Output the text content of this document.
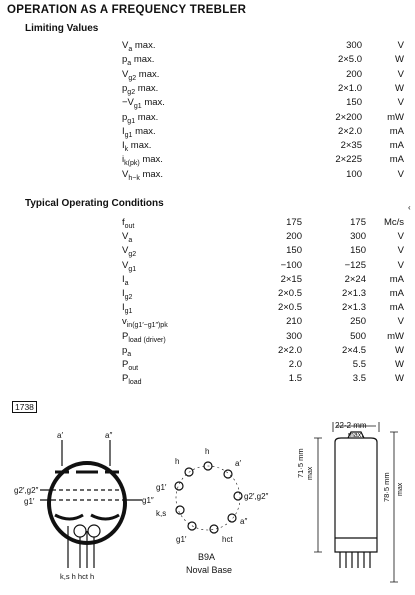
OPERATION AS A FREQUENCY TREBLER
Limiting Values
$V_a$ max.	300	V
$p_a$ max.	2×5.0	W
$V_{g2}$ max.	200	V
$p_{g2}$ max.	2×1.0	W
$-V_{g1}$ max.	150	V
$p_{g1}$ max.	2×200	mW
$I_{g1}$ max.	2×2.0	mA
$I_k$ max.	2×35	mA
$i_{k(pk)}$ max.	2×225	mA
$V_{h-k}$ max.	100	V
Typical Operating Conditions
$f_{out}$	175	175	Mc/s
$V_a$	200	300	V
$V_{g2}$	150	150	V
$V_{g1}$	−100	−125	V
$I_a$	2×15	2×24	mA
$I_{g2}$	2×0.5	2×1.3	mA
$I_{g1}$	2×0.5	2×1.3	mA
$v_{in(g1'-g1'')pk}$	210	250	V
$P_{load (driver)}$	300	500	mW
$p_a$	2×2.0	2×4.5	W
$P_{out}$	2.0	5.5	W
$P_{load}$	1.5	3.5	W
‹
1738
a′	a″
g2′,g2″
g1′	g1″
k,s h hct h
h
h	a′
g1′
g2′,g2″
k,s
a″
g1′	hct
B9A
Noval Base
22·2 mm
max.
71·5 mm max	78·5 mm max
